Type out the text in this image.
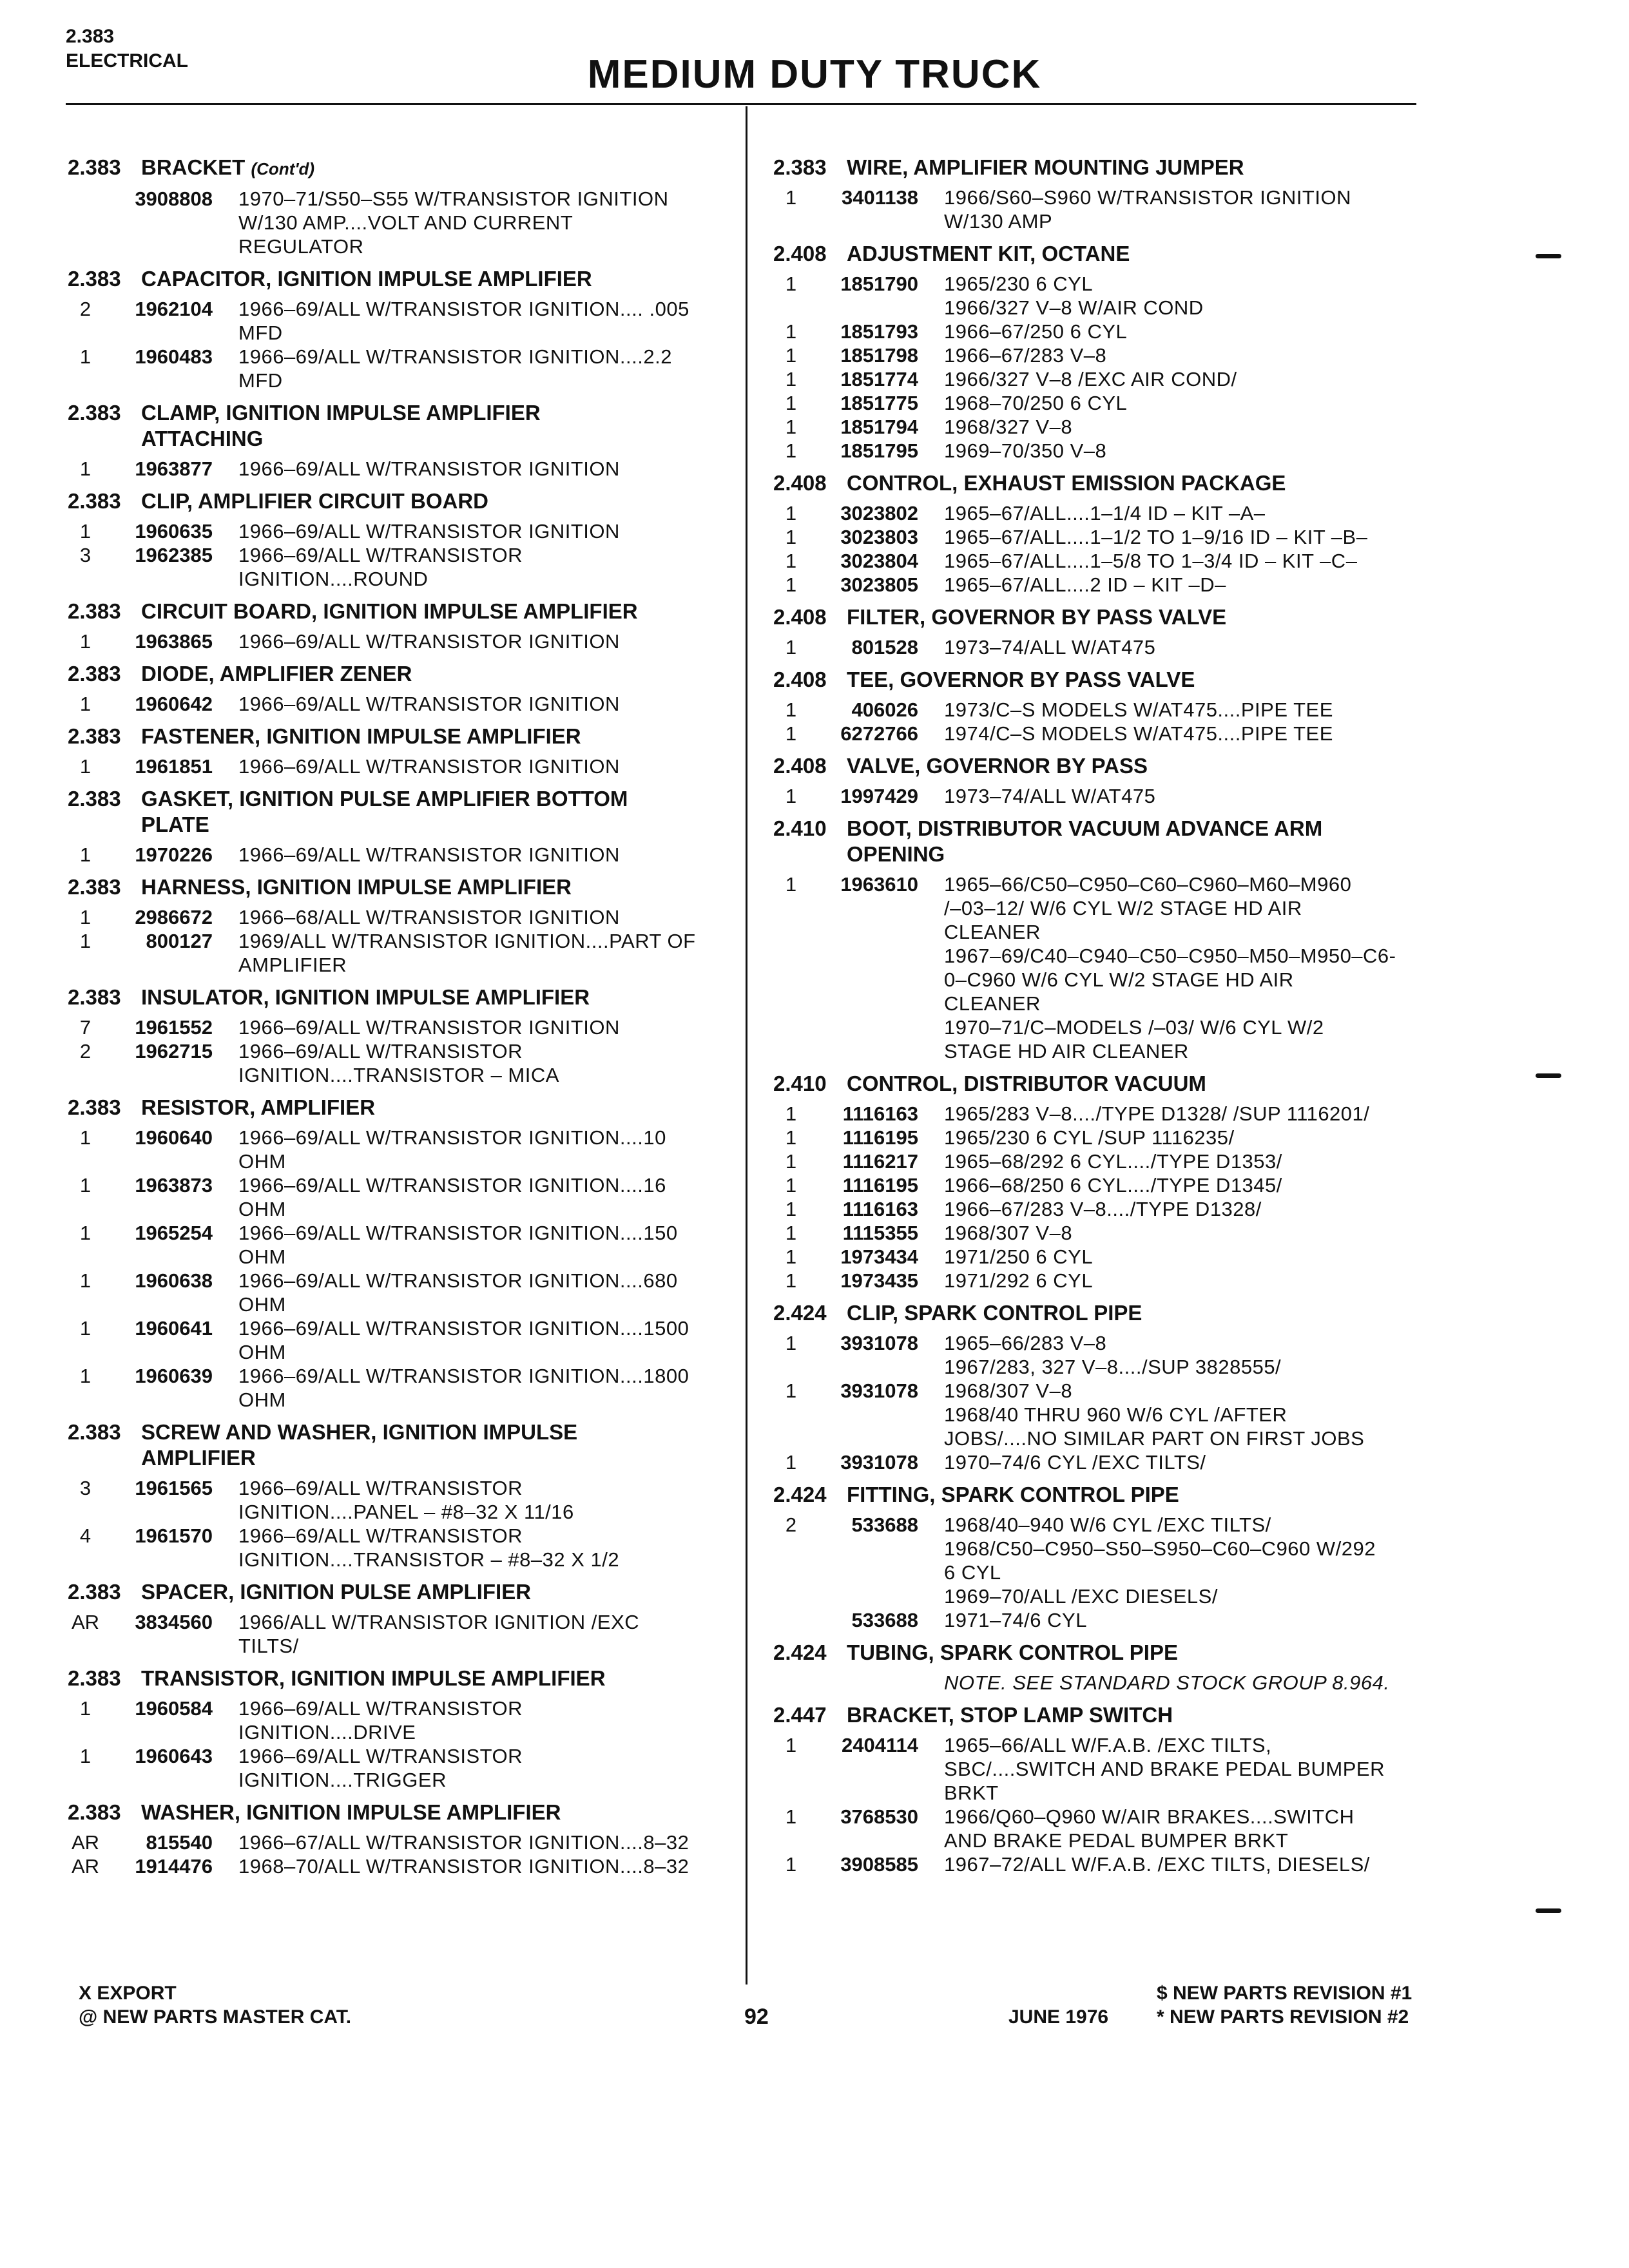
2.383
ELECTRICAL	MEDIUM DUTY TRUCK
2.383 BRACKET (Cont'd)
3908808	1970–71/S50–S55 W/TRANSISTOR IGNITION
W/130 AMP....VOLT AND CURRENT
REGULATOR
2.383 CAPACITOR, IGNITION IMPULSE AMPLIFIER
2	1962104	1966–69/ALL W/TRANSISTOR IGNITION.... .005
MFD
1	1960483	1966–69/ALL W/TRANSISTOR IGNITION....2.2
MFD
2.383 CLAMP, IGNITION IMPULSE AMPLIFIER
ATTACHING
1	1963877	1966–69/ALL W/TRANSISTOR IGNITION
2.383 CLIP, AMPLIFIER CIRCUIT BOARD
1	1960635	1966–69/ALL W/TRANSISTOR IGNITION
3	1962385	1966–69/ALL W/TRANSISTOR
IGNITION....ROUND
2.383 CIRCUIT BOARD, IGNITION IMPULSE AMPLIFIER
1	1963865	1966–69/ALL W/TRANSISTOR IGNITION
2.383 DIODE, AMPLIFIER ZENER
1	1960642	1966–69/ALL W/TRANSISTOR IGNITION
2.383 FASTENER, IGNITION IMPULSE AMPLIFIER
1	1961851	1966–69/ALL W/TRANSISTOR IGNITION
2.383 GASKET, IGNITION PULSE AMPLIFIER BOTTOM
PLATE
1	1970226	1966–69/ALL W/TRANSISTOR IGNITION
2.383 HARNESS, IGNITION IMPULSE AMPLIFIER
1	2986672	1966–68/ALL W/TRANSISTOR IGNITION
1	800127	1969/ALL W/TRANSISTOR IGNITION....PART OF
AMPLIFIER
2.383 INSULATOR, IGNITION IMPULSE AMPLIFIER
7	1961552	1966–69/ALL W/TRANSISTOR IGNITION
2	1962715	1966–69/ALL W/TRANSISTOR
IGNITION....TRANSISTOR – MICA
2.383 RESISTOR, AMPLIFIER
1	1960640	1966–69/ALL W/TRANSISTOR IGNITION....10
OHM
1	1963873	1966–69/ALL W/TRANSISTOR IGNITION....16
OHM
1	1965254	1966–69/ALL W/TRANSISTOR IGNITION....150
OHM
1	1960638	1966–69/ALL W/TRANSISTOR IGNITION....680
OHM
1	1960641	1966–69/ALL W/TRANSISTOR IGNITION....1500
OHM
1	1960639	1966–69/ALL W/TRANSISTOR IGNITION....1800
OHM
2.383 SCREW AND WASHER, IGNITION IMPULSE
AMPLIFIER
3	1961565	1966–69/ALL W/TRANSISTOR
IGNITION....PANEL – #8–32 X 11/16
4	1961570	1966–69/ALL W/TRANSISTOR
IGNITION....TRANSISTOR – #8–32 X 1/2
2.383 SPACER, IGNITION PULSE AMPLIFIER
AR	3834560	1966/ALL W/TRANSISTOR IGNITION /EXC
TILTS/
2.383 TRANSISTOR, IGNITION IMPULSE AMPLIFIER
1	1960584	1966–69/ALL W/TRANSISTOR
IGNITION....DRIVE
1	1960643	1966–69/ALL W/TRANSISTOR
IGNITION....TRIGGER
2.383 WASHER, IGNITION IMPULSE AMPLIFIER
AR	815540	1966–67/ALL W/TRANSISTOR IGNITION....8–32
AR	1914476	1968–70/ALL W/TRANSISTOR IGNITION....8–32
2.383 WIRE, AMPLIFIER MOUNTING JUMPER
1	3401138	1966/S60–S960 W/TRANSISTOR IGNITION
W/130 AMP
2.408 ADJUSTMENT KIT, OCTANE
1	1851790	1965/230 6 CYL
1966/327 V–8 W/AIR COND
1	1851793	1966–67/250 6 CYL
1	1851798	1966–67/283 V–8
1	1851774	1966/327 V–8 /EXC AIR COND/
1	1851775	1968–70/250 6 CYL
1	1851794	1968/327 V–8
1	1851795	1969–70/350 V–8
2.408 CONTROL, EXHAUST EMISSION PACKAGE
1	3023802	1965–67/ALL....1–1/4 ID – KIT –A–
1	3023803	1965–67/ALL....1–1/2 TO 1–9/16 ID – KIT –B–
1	3023804	1965–67/ALL....1–5/8 TO 1–3/4 ID – KIT –C–
1	3023805	1965–67/ALL....2 ID – KIT –D–
2.408 FILTER, GOVERNOR BY PASS VALVE
1	801528	1973–74/ALL W/AT475
2.408 TEE, GOVERNOR BY PASS VALVE
1	406026	1973/C–S MODELS W/AT475....PIPE TEE
1	6272766	1974/C–S MODELS W/AT475....PIPE TEE
2.408 VALVE, GOVERNOR BY PASS
1	1997429	1973–74/ALL W/AT475
2.410 BOOT, DISTRIBUTOR VACUUM ADVANCE ARM
OPENING
1	1963610	1965–66/C50–C950–C60–C960–M60–M960
/–03–12/ W/6 CYL W/2 STAGE HD AIR
CLEANER
1967–69/C40–C940–C50–C950–M50–M950–C6-
0–C960 W/6 CYL W/2 STAGE HD AIR
CLEANER
1970–71/C–MODELS /–03/ W/6 CYL W/2
STAGE HD AIR CLEANER
2.410 CONTROL, DISTRIBUTOR VACUUM
1	1116163	1965/283 V–8..../TYPE D1328/ /SUP 1116201/
1	1116195	1965/230 6 CYL /SUP 1116235/
1	1116217	1965–68/292 6 CYL..../TYPE D1353/
1	1116195	1966–68/250 6 CYL..../TYPE D1345/
1	1116163	1966–67/283 V–8..../TYPE D1328/
1	1115355	1968/307 V–8
1	1973434	1971/250 6 CYL
1	1973435	1971/292 6 CYL
2.424 CLIP, SPARK CONTROL PIPE
1	3931078	1965–66/283 V–8
1967/283, 327 V–8..../SUP 3828555/
1	3931078	1968/307 V–8
1968/40 THRU 960 W/6 CYL /AFTER
JOBS/....NO SIMILAR PART ON FIRST JOBS
1	3931078	1970–74/6 CYL /EXC TILTS/
2.424 FITTING, SPARK CONTROL PIPE
2	533688	1968/40–940 W/6 CYL /EXC TILTS/
1968/C50–C950–S50–S950–C60–C960 W/292
6 CYL
1969–70/ALL /EXC DIESELS/
533688	1971–74/6 CYL
2.424 TUBING, SPARK CONTROL PIPE
NOTE. SEE STANDARD STOCK GROUP 8.964.
2.447 BRACKET, STOP LAMP SWITCH
1	2404114	1965–66/ALL W/F.A.B. /EXC TILTS,
SBC/....SWITCH AND BRAKE PEDAL BUMPER
BRKT
1	3768530	1966/Q60–Q960 W/AIR BRAKES....SWITCH
AND BRAKE PEDAL BUMPER BRKT
1	3908585	1967–72/ALL W/F.A.B. /EXC TILTS, DIESELS/
X EXPORT
@ NEW PARTS MASTER CAT.	92	JUNE 1976
$ NEW PARTS REVISION #1
* NEW PARTS REVISION #2
